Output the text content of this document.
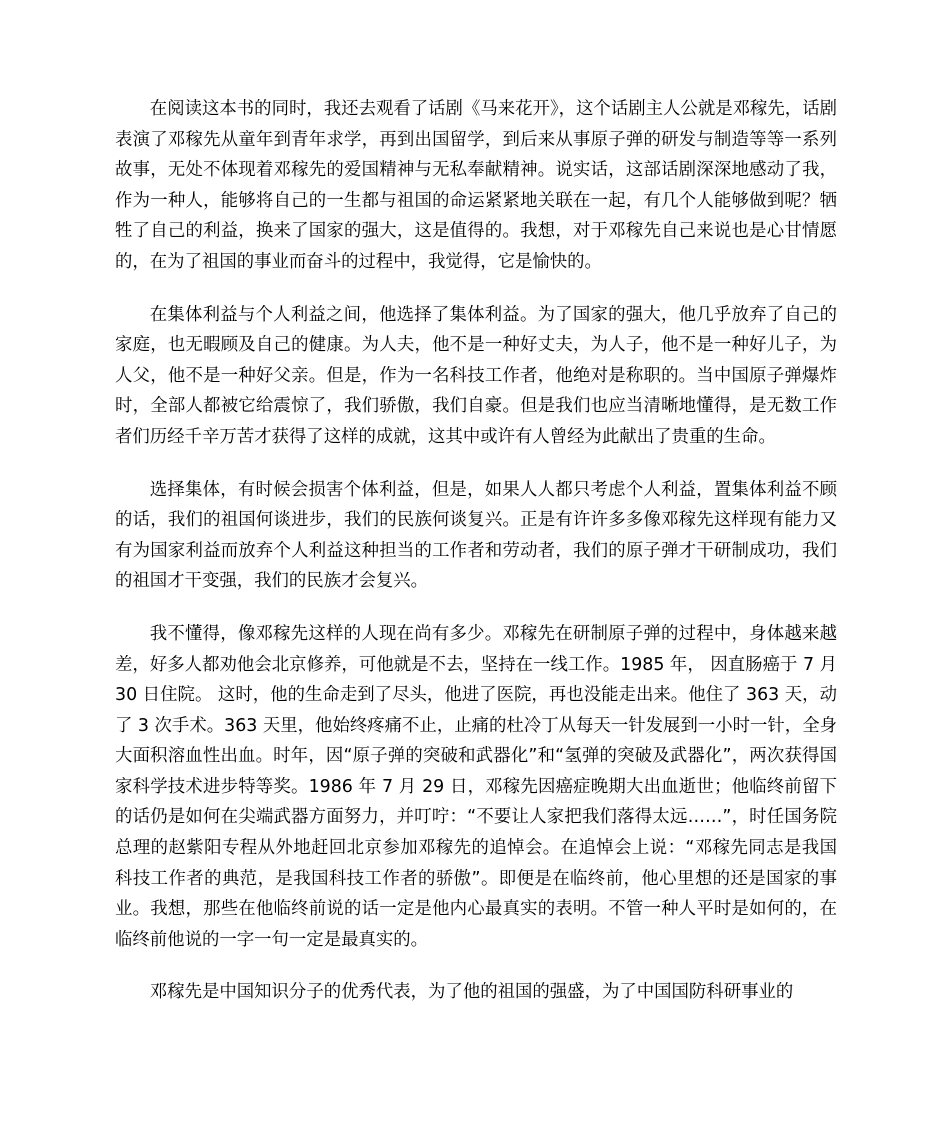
在阅读这本书的同时，我还去观看了话剧《马来花开》，这个话剧主人公就是邓稼先，话剧表演了邓稼先从童年到青年求学，再到出国留学，到后来从事原子弹的研发与制造等等一系列故事，无处不体现着邓稼先的爱国精神与无私奉献精神。说实话，这部话剧深深地感动了我，作为一种人，能够将自己的一生都与祖国的命运紧紧地关联在一起，有几个人能够做到呢？牺牲了自己的利益，换来了国家的强大，这是值得的。我想，对于邓稼先自己来说也是心甘情愿的，在为了祖国的事业而奋斗的过程中，我觉得，它是愉快的。

在集体利益与个人利益之间，他选择了集体利益。为了国家的强大，他几乎放弃了自己的家庭，也无暇顾及自己的健康。为人夫，他不是一种好丈夫，为人子，他不是一种好儿子，为人父，他不是一种好父亲。但是，作为一名科技工作者，他绝对是称职的。当中国原子弹爆炸时，全部人都被它给震惊了，我们骄傲，我们自豪。但是我们也应当清晰地懂得，是无数工作者们历经千辛万苦才获得了这样的成就，这其中或许有人曾经为此献出了贵重的生命。

选择集体，有时候会损害个体利益，但是，如果人人都只考虑个人利益，置集体利益不顾的话，我们的祖国何谈进步，我们的民族何谈复兴。正是有许许多多像邓稼先这样现有能力又有为国家利益而放弃个人利益这种担当的工作者和劳动者，我们的原子弹才干研制成功，我们的祖国才干变强，我们的民族才会复兴。

我不懂得，像邓稼先这样的人现在尚有多少。邓稼先在研制原子弹的过程中，身体越来越差，好多人都劝他会北京修养，可他就是不去，坚持在一线工作。1985 年， 因直肠癌于 7 月 30 日住院。 这时，他的生命走到了尽头，他进了医院，再也没能走出来。他住了 363 天，动了 3 次手术。363 天里，他始终疼痛不止，止痛的杜冷丁从每天一针发展到一小时一针，全身大面积溶血性出血。时年，因“原子弹的突破和武器化”和“氢弹的突破及武器化”，两次获得国家科学技术进步特等奖。1986 年 7 月 29 日，邓稼先因癌症晚期大出血逝世；他临终前留下的话仍是如何在尖端武器方面努力，并叮咛：“不要让人家把我们落得太远……”，时任国务院总理的赵紫阳专程从外地赶回北京参加邓稼先的追悼会。在追悼会上说：“邓稼先同志是我国科技工作者的典范，是我国科技工作者的骄傲”。即便是在临终前，他心里想的还是国家的事业。我想，那些在他临终前说的话一定是他内心最真实的表明。不管一种人平时是如何的，在临终前他说的一字一句一定是最真实的。

邓稼先是中国知识分子的优秀代表，为了他的祖国的强盛，为了中国国防科研事业的
